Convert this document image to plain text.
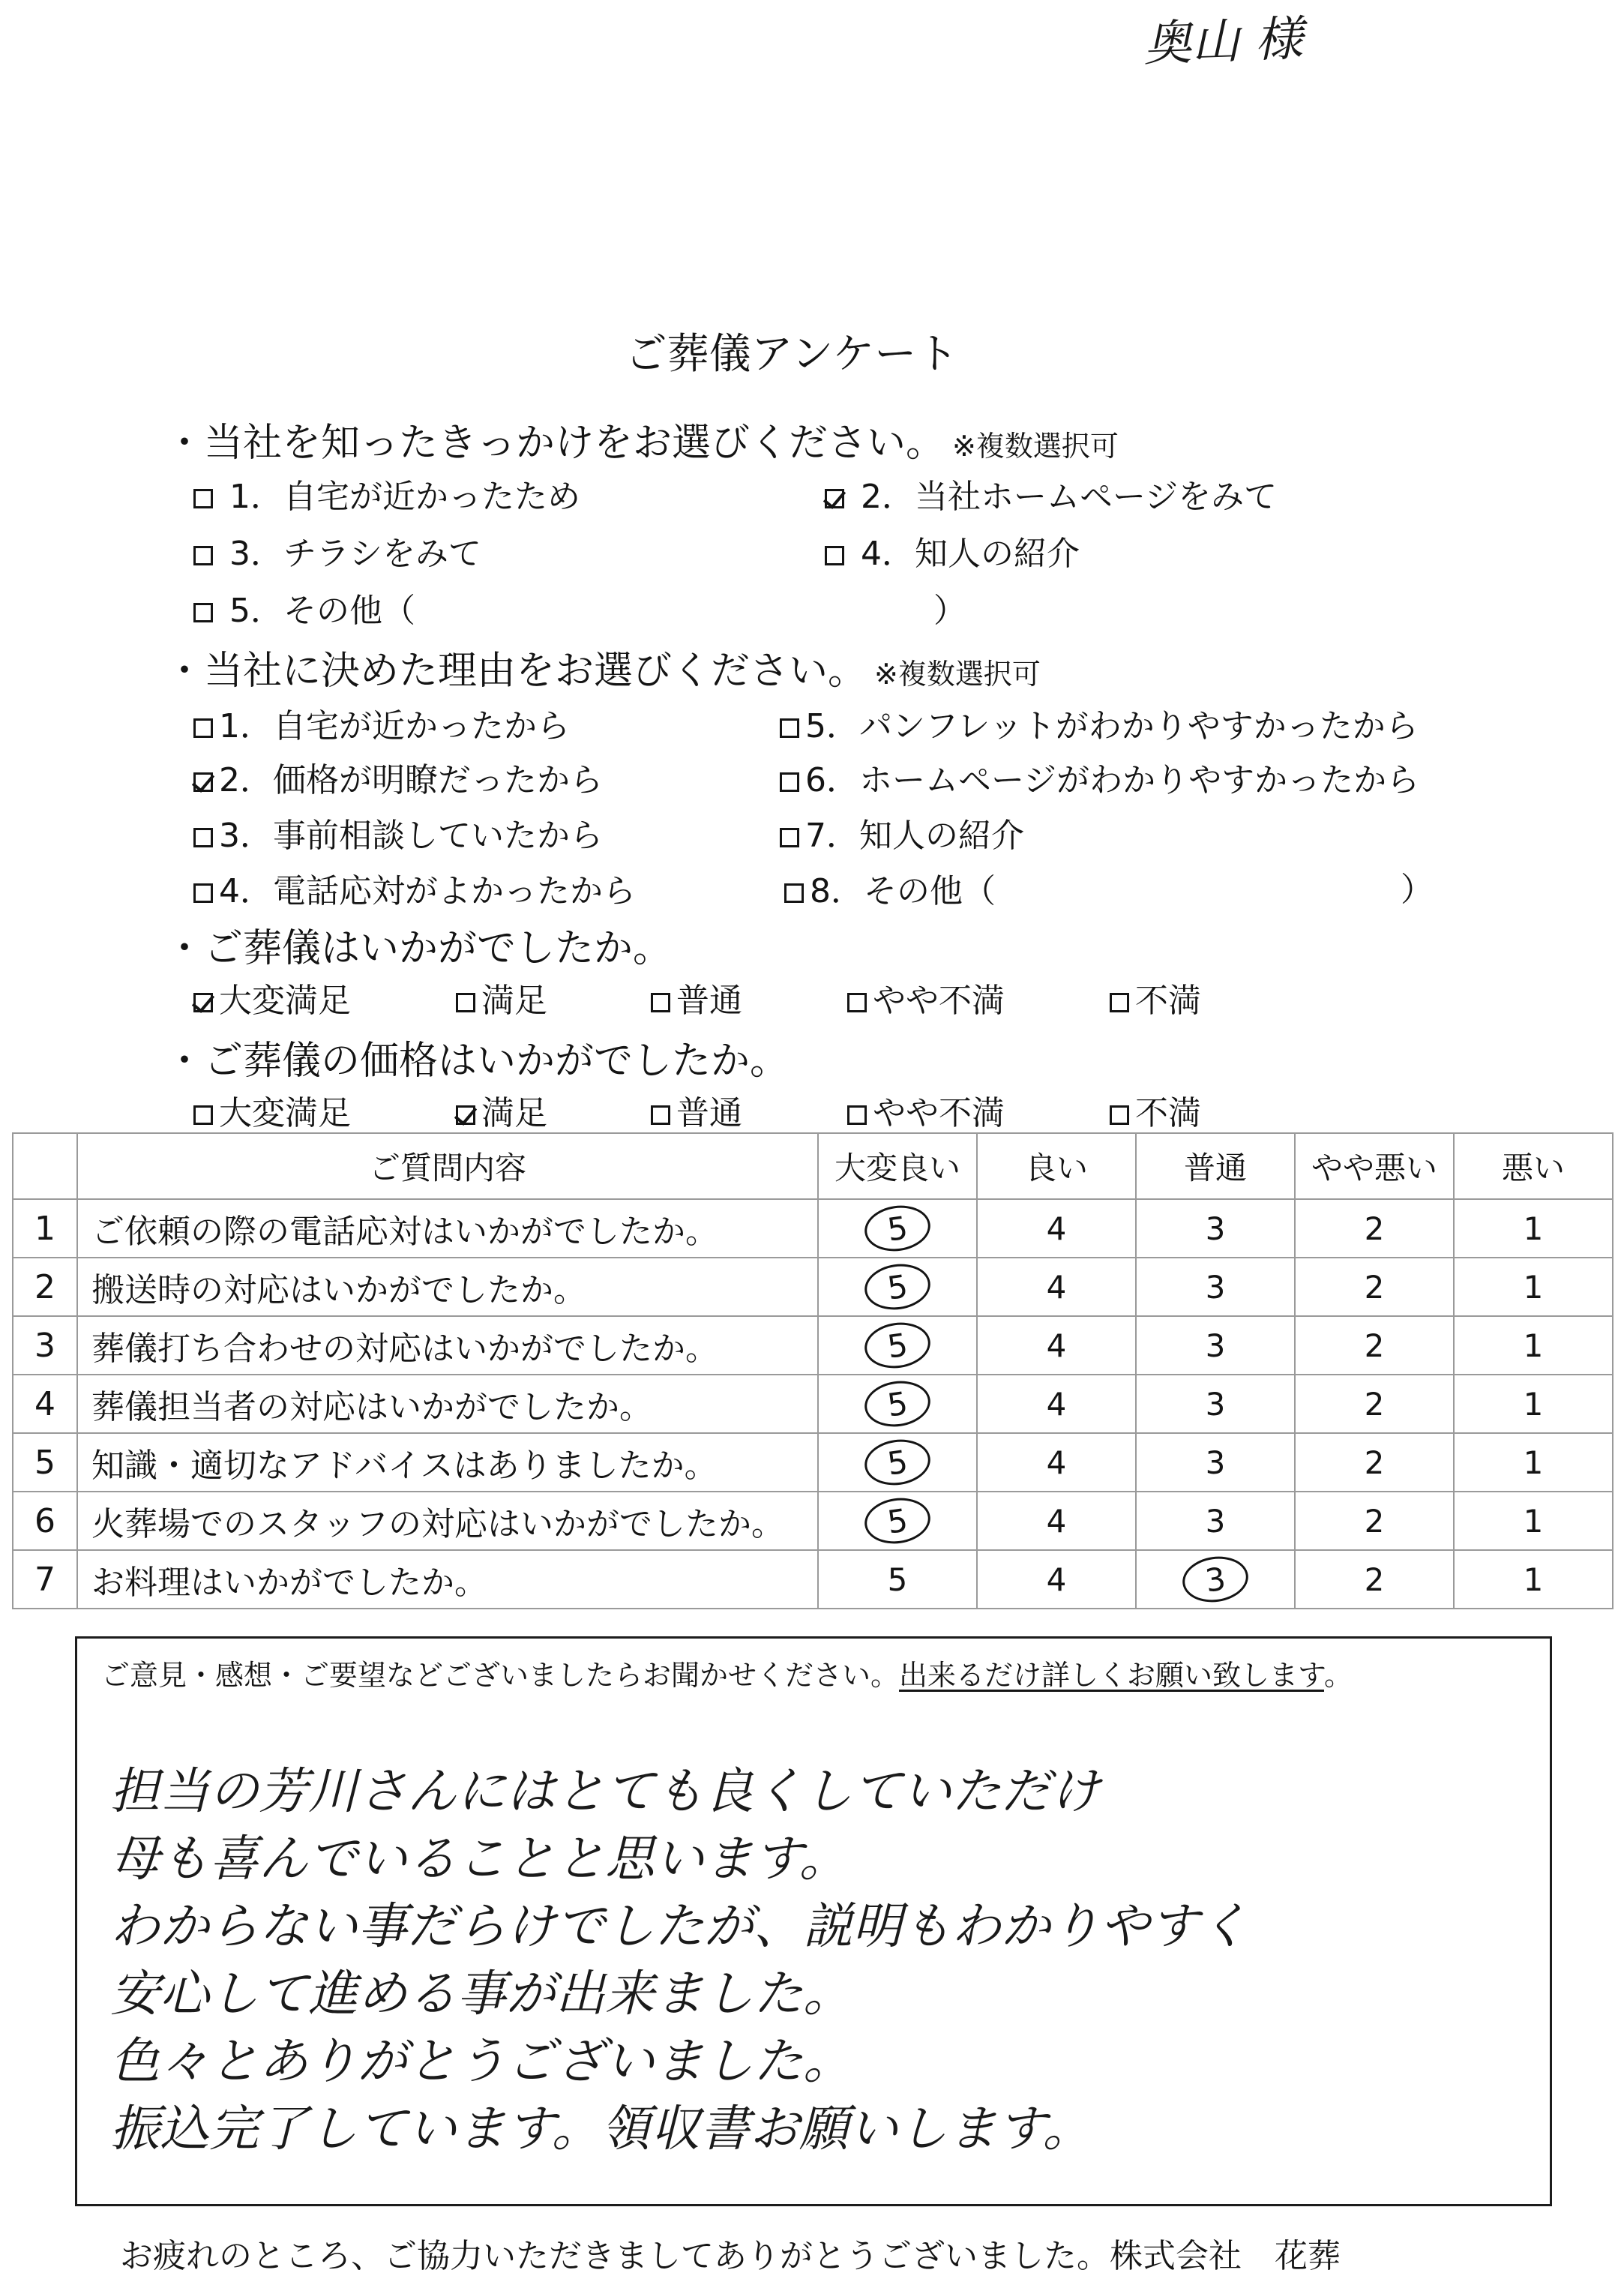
奥山 様
ご葬儀アンケート
・当社を知ったきっかけをお選びください。 ※複数選択可
1．自宅が近かったため	2．当社ホームページをみて
3．チラシをみて	4．知人の紹介
5．その他（	）
・当社に決めた理由をお選びください。 ※複数選択可
1．自宅が近かったから
2．価格が明瞭だったから
3．事前相談していたから
4．電話応対がよかったから
5．パンフレットがわかりやすかったから
6．ホームページがわかりやすかったから
7．知人の紹介
8．その他（	）
・ご葬儀はいかがでしたか。
大変満足	満足	普通	やや不満	不満
・ご葬儀の価格はいかがでしたか。
大変満足	満足	普通	やや不満	不満
	ご質問内容	大変良い	良い	普通	やや悪い	悪い
1	ご依頼の際の電話応対はいかがでしたか。	5	4	3	2	1
2	搬送時の対応はいかがでしたか。	5	4	3	2	1
3	葬儀打ち合わせの対応はいかがでしたか。	5	4	3	2	1
4	葬儀担当者の対応はいかがでしたか。	5	4	3	2	1
5	知識・適切なアドバイスはありましたか。	5	4	3	2	1
6	火葬場でのスタッフの対応はいかがでしたか。	5	4	3	2	1
7	お料理はいかがでしたか。	5	4	3	2	1
ご意見・感想・ご要望などございましたらお聞かせください。出来るだけ詳しくお願い致します。
担当の芳川さんにはとても良くしていただけ
母も喜んでいることと思います。
わからない事だらけでしたが、説明もわかりやすく
安心して進める事が出来ました。
色々とありがとうございました。
振込完了しています。領収書お願いします。
お疲れのところ、ご協力いただきましてありがとうございました。株式会社　花葬
